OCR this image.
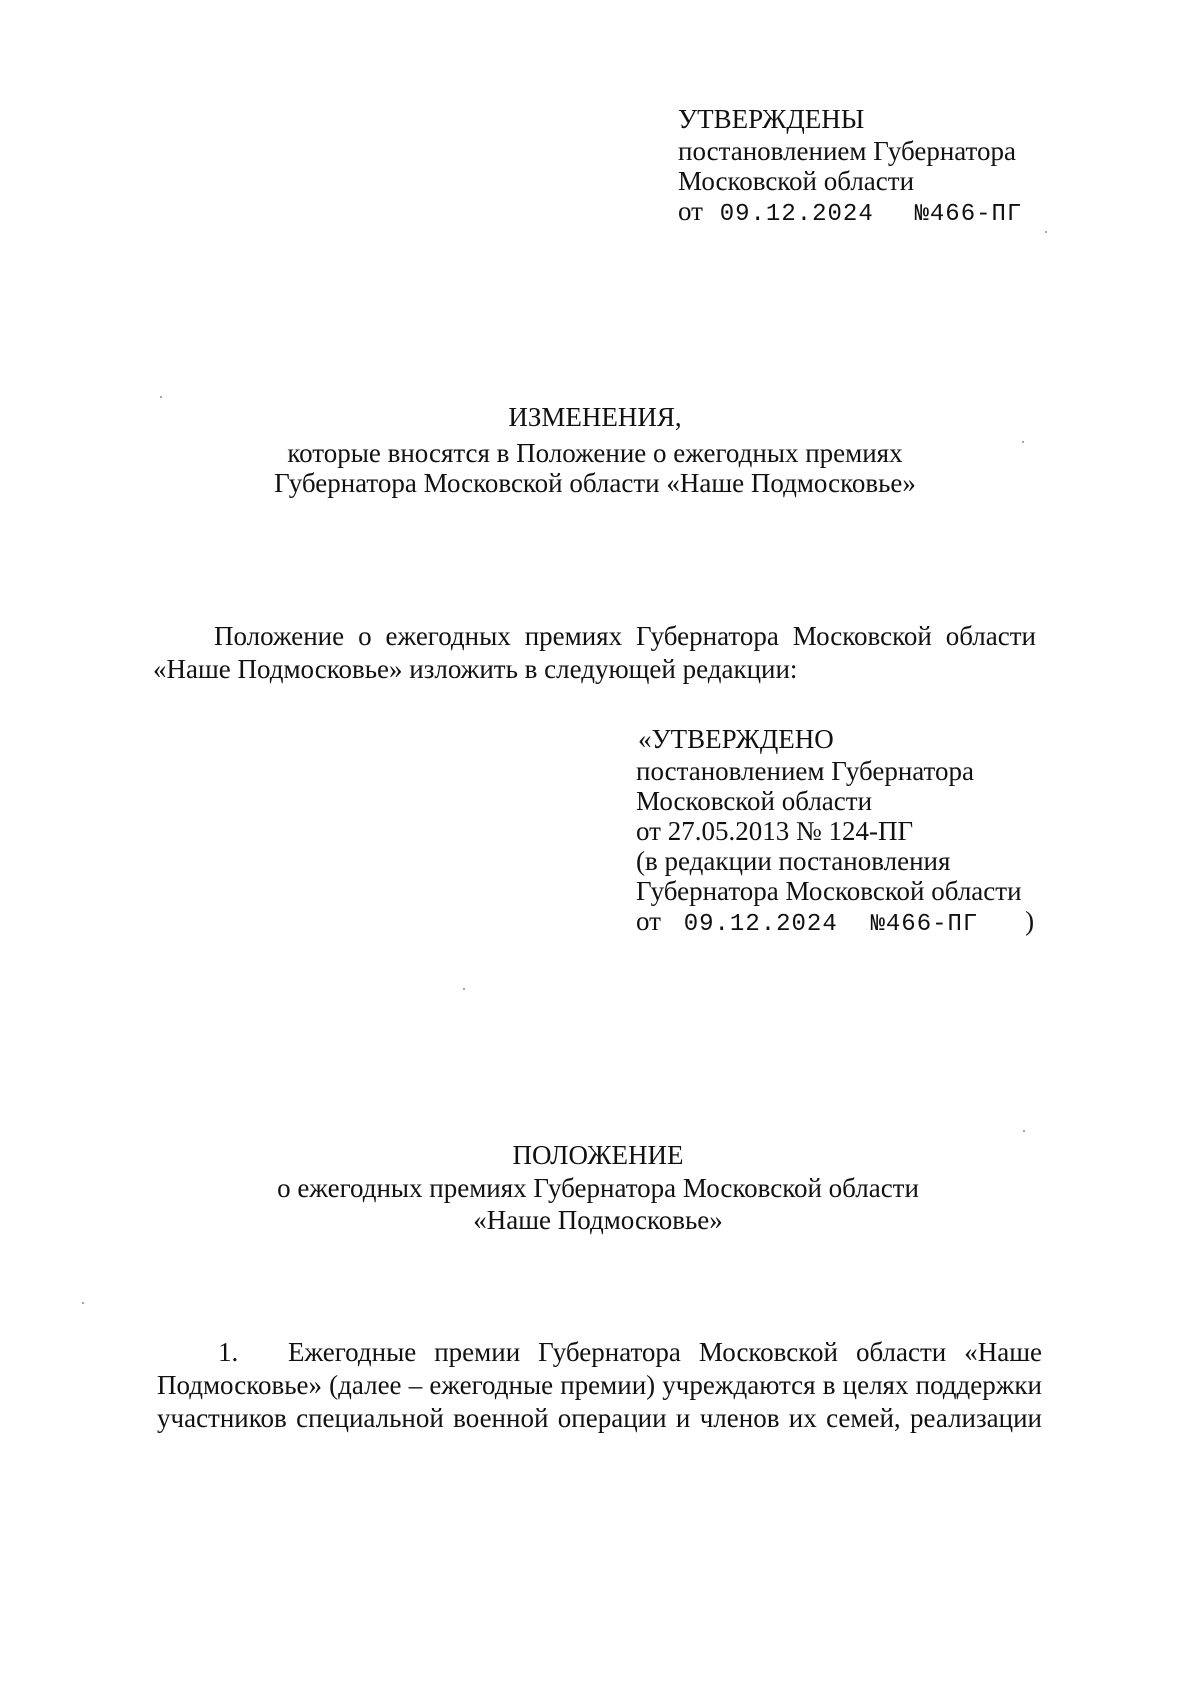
УТВЕРЖДЕНЫ
постановлением Губернатора
Московской области
от 09.12.2024 №466-ПГ
ИЗМЕНЕНИЯ,
которые вносятся в Положение о ежегодных премиях
Губернатора Московской области «Наше Подмосковье»
Положение о ежегодных премиях Губернатора Московской области
«Наше Подмосковье» изложить в следующей редакции:
«УТВЕРЖДЕНО
постановлением Губернатора
Московской области
от 27.05.2013 № 124-ПГ
(в редакции постановления
Губернатора Московской области
от 09.12.2024 №466-ПГ )
ПОЛОЖЕНИЕ
о ежегодных премиях Губернатора Московской области
«Наше Подмосковье»
1. Ежегодные премии Губернатора Московской области «Наше
Подмосковье» (далее – ежегодные премии) учреждаются в целях поддержки
участников специальной военной операции и членов их семей, реализации
